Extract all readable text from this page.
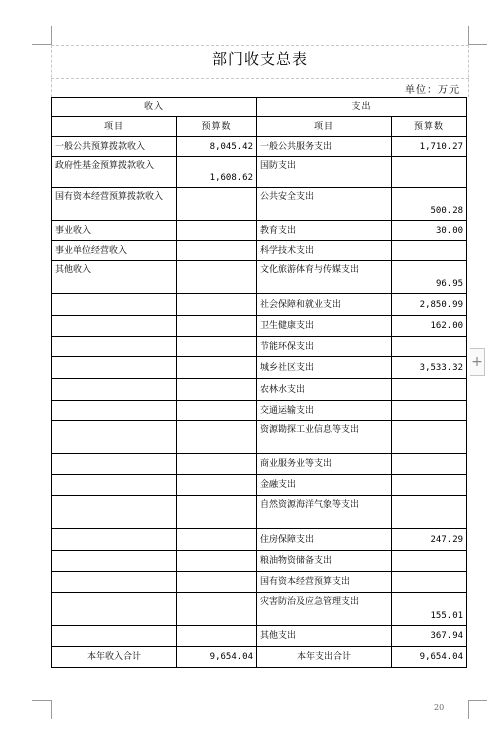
部门收支总表
单位：万元
收入		支出	
项目	预算数	项目	预算数
一般公共预算拨款收入	8,045.42	一般公共服务支出	1,710.27
政府性基金预算拨款收入	1,608.62	国防支出	
国有资本经营预算拨款收入		公共安全支出	500.28
事业收入		教育支出	30.00
事业单位经营收入		科学技术支出	
其他收入		文化旅游体育与传媒支出	96.95
		社会保障和就业支出	2,850.99
		卫生健康支出	162.00
		节能环保支出	
		城乡社区支出	3,533.32
		农林水支出	
		交通运输支出	
		资源勘探工业信息等支出	
		商业服务业等支出	
		金融支出	
		自然资源海洋气象等支出	
		住房保障支出	247.29
		粮油物资储备支出	
		国有资本经营预算支出	
		灾害防治及应急管理支出	155.01
		其他支出	367.94
本年收入合计	9,654.04	本年支出合计	9,654.04
+
20
